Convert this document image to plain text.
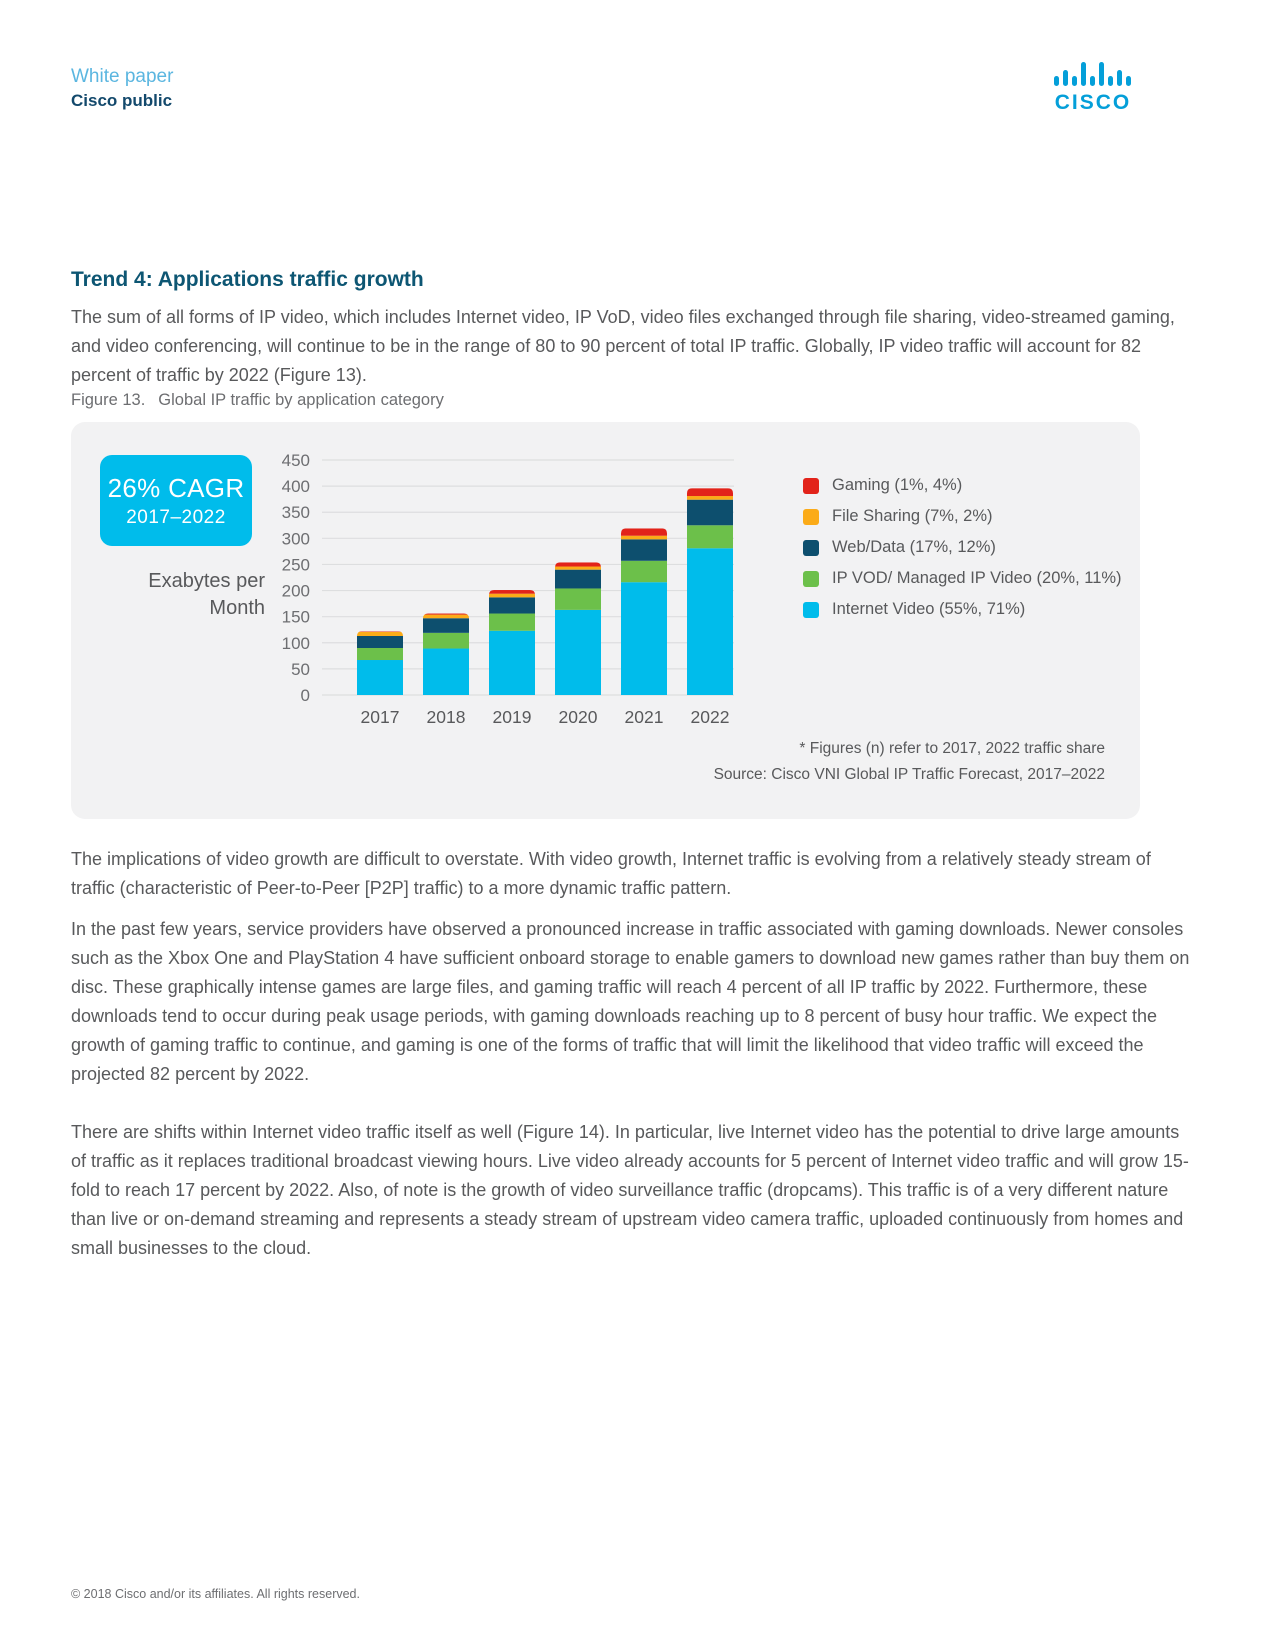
White paper
Cisco public	CISCO
Trend 4: Applications traffic growth

The sum of all forms of IP video, which includes Internet video, IP VoD, video files exchanged through file sharing, video-streamed gaming, and video conferencing, will continue to be in the range of 80 to 90 percent of total IP traffic. Globally, IP video traffic will account for 82 percent of traffic by 2022 (Figure 13).

Figure 13. Global IP traffic by application category
26% CAGR
2017–2022
Exabytes per Month
0
50
100
150
200
250
300
350
400
450
2017 2018 2019 2020 2021 2022
Gaming (1%, 4%)
File Sharing (7%, 2%)
Web/Data (17%, 12%)
IP VOD/ Managed IP Video (20%, 11%)
Internet Video (55%, 71%)
* Figures (n) refer to 2017, 2022 traffic share
Source: Cisco VNI Global IP Traffic Forecast, 2017–2022

The implications of video growth are difficult to overstate. With video growth, Internet traffic is evolving from a relatively steady stream of traffic (characteristic of Peer-to-Peer [P2P] traffic) to a more dynamic traffic pattern.

In the past few years, service providers have observed a pronounced increase in traffic associated with gaming downloads. Newer consoles such as the Xbox One and PlayStation 4 have sufficient onboard storage to enable gamers to download new games rather than buy them on disc. These graphically intense games are large files, and gaming traffic will reach 4 percent of all IP traffic by 2022. Furthermore, these downloads tend to occur during peak usage periods, with gaming downloads reaching up to 8 percent of busy hour traffic. We expect the growth of gaming traffic to continue, and gaming is one of the forms of traffic that will limit the likelihood that video traffic will exceed the projected 82 percent by 2022.

There are shifts within Internet video traffic itself as well (Figure 14). In particular, live Internet video has the potential to drive large amounts of traffic as it replaces traditional broadcast viewing hours. Live video already accounts for 5 percent of Internet video traffic and will grow 15-fold to reach 17 percent by 2022. Also, of note is the growth of video surveillance traffic (dropcams). This traffic is of a very different nature than live or on-demand streaming and represents a steady stream of upstream video camera traffic, uploaded continuously from homes and small businesses to the cloud.

© 2018 Cisco and/or its affiliates. All rights reserved.
